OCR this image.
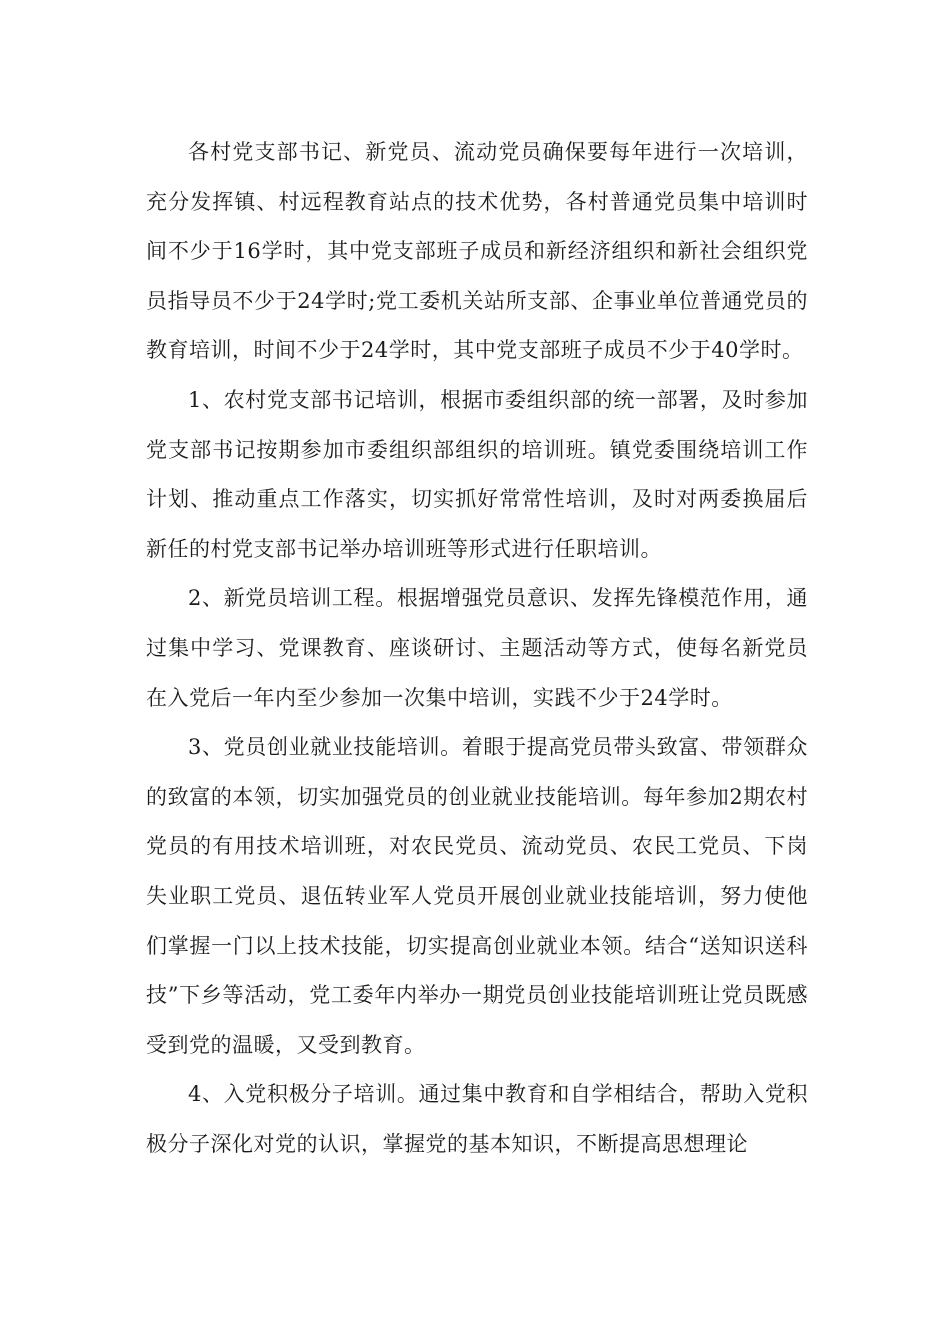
各村党支部书记、新党员、流动党员确保要每年进行一次培训，充分发挥镇、村远程教育站点的技术优势，各村普通党员集中培训时间不少于16学时，其中党支部班子成员和新经济组织和新社会组织党员指导员不少于24学时;党工委机关站所支部、企事业单位普通党员的教育培训，时间不少于24学时，其中党支部班子成员不少于40学时。

1、农村党支部书记培训，根据市委组织部的统一部署，及时参加党支部书记按期参加市委组织部组织的培训班。镇党委围绕培训工作计划、推动重点工作落实，切实抓好常常性培训，及时对两委换届后新任的村党支部书记举办培训班等形式进行任职培训。

2、新党员培训工程。根据增强党员意识、发挥先锋模范作用，通过集中学习、党课教育、座谈研讨、主题活动等方式，使每名新党员在入党后一年内至少参加一次集中培训，实践不少于24学时。

3、党员创业就业技能培训。着眼于提高党员带头致富、带领群众的致富的本领，切实加强党员的创业就业技能培训。每年参加2期农村党员的有用技术培训班，对农民党员、流动党员、农民工党员、下岗失业职工党员、退伍转业军人党员开展创业就业技能培训，努力使他们掌握一门以上技术技能，切实提高创业就业本领。结合“送知识送科技”下乡等活动，党工委年内举办一期党员创业技能培训班让党员既感受到党的温暖，又受到教育。

4、入党积极分子培训。通过集中教育和自学相结合，帮助入党积极分子深化对党的认识，掌握党的基本知识，不断提高思想理论
